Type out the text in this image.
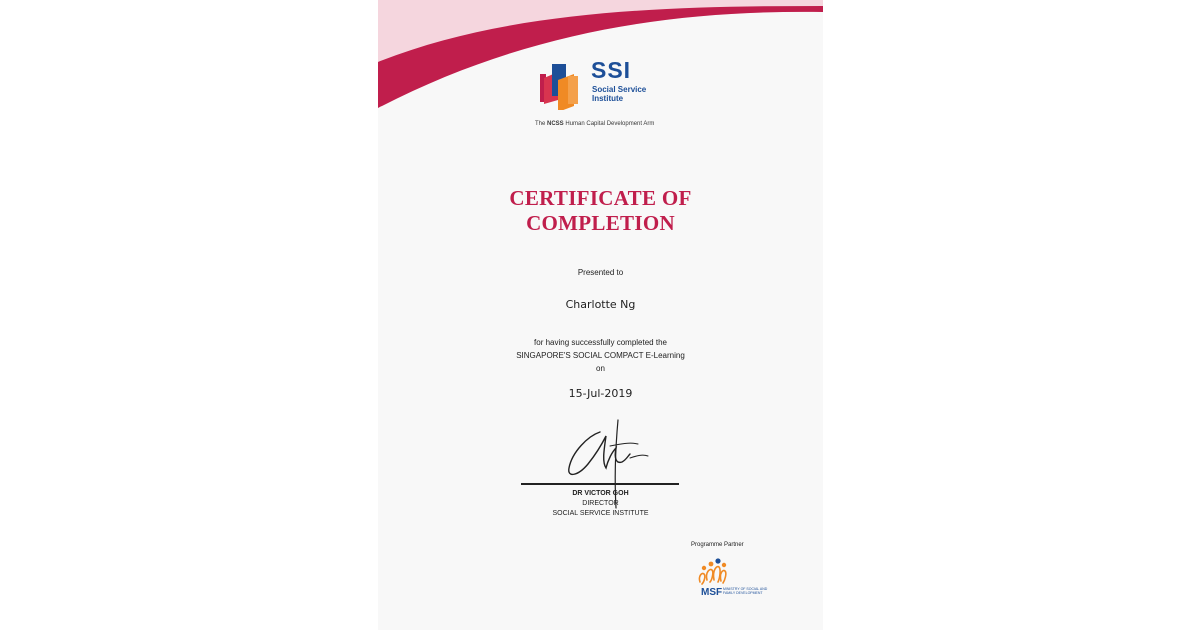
SSI
Social Service Institute
The NCSS Human Capital Development Arm
CERTIFICATE OF
COMPLETION
Presented to
Charlotte Ng
for having successfully completed the
SINGAPORE'S SOCIAL COMPACT E-Learning
on
15-Jul-2019
DR VICTOR GOH
DIRECTOR
SOCIAL SERVICE INSTITUTE
Programme Partner
MSF MINISTRY OF SOCIAL AND FAMILY DEVELOPMENT
